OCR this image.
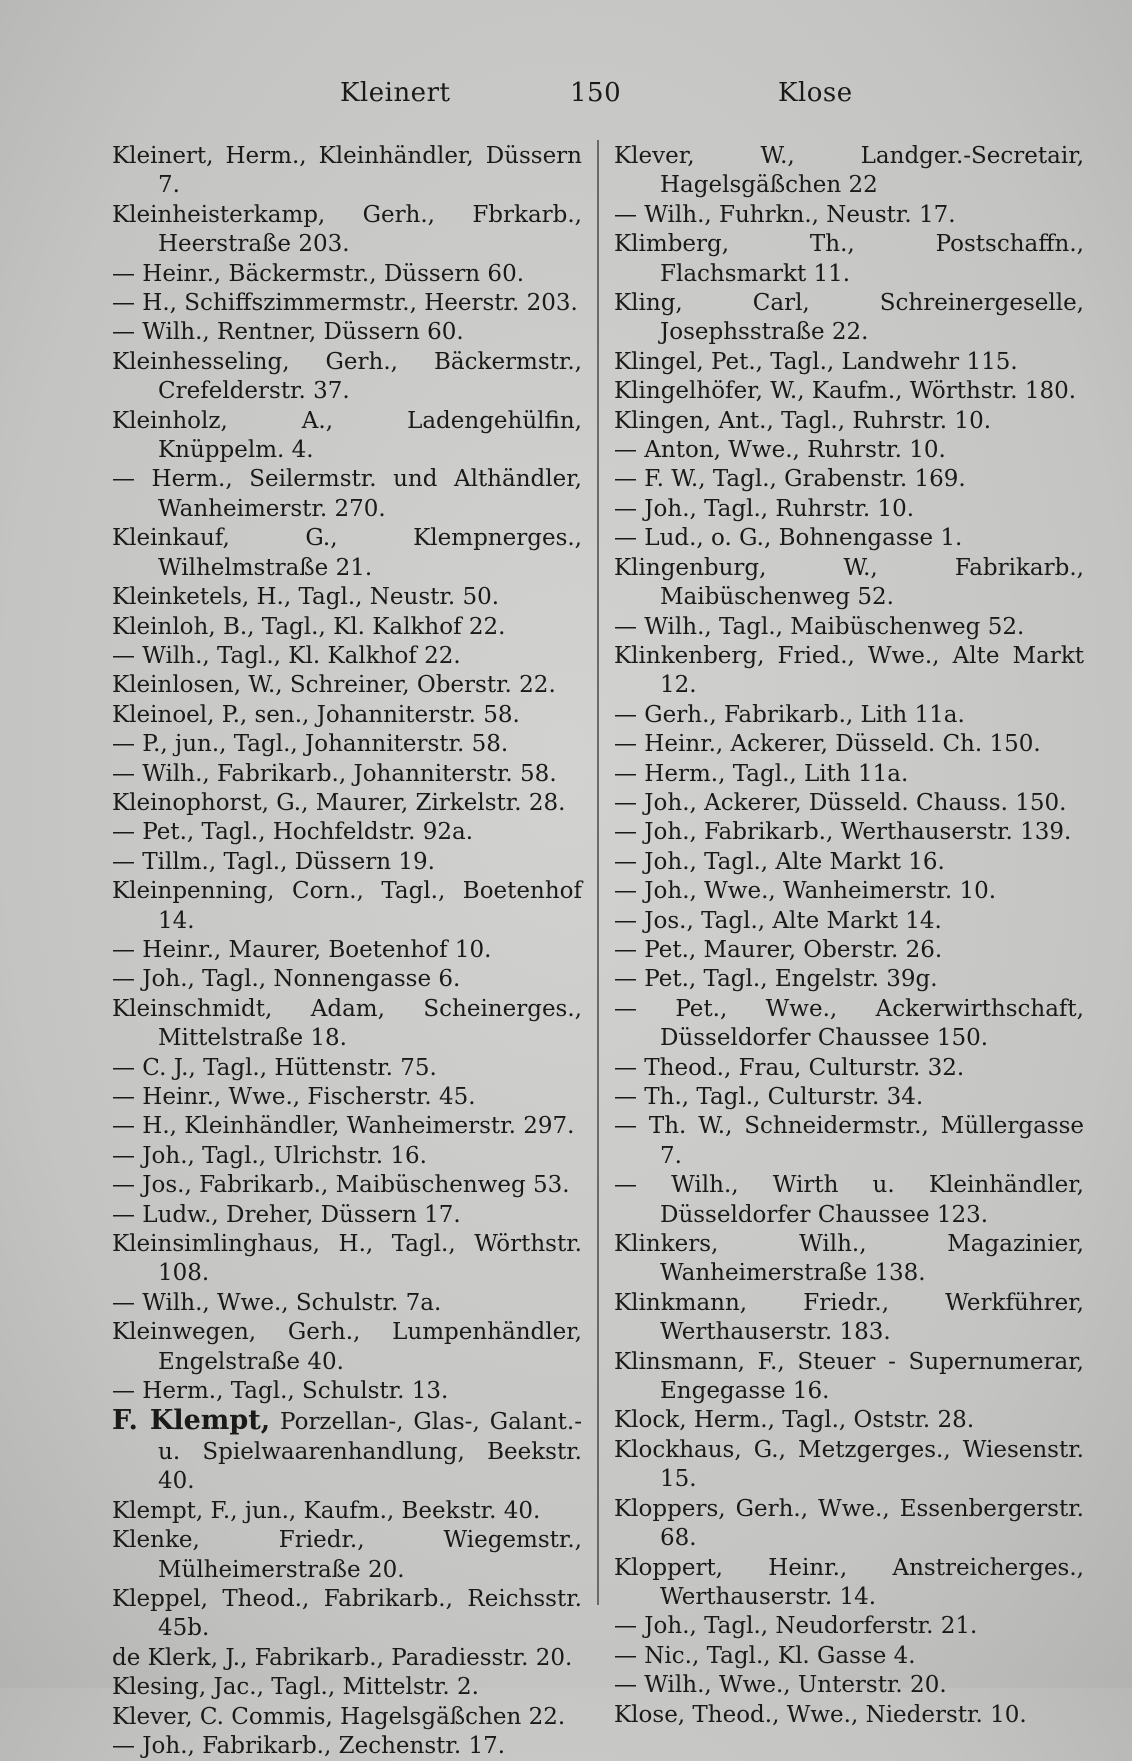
Kleinert	150	Klose
Kleinert, Herm., Kleinhändler, Düssern 7.
Kleinheisterkamp, Gerh., Fbrkarb., Heerstraße 203.
— Heinr., Bäckermstr., Düssern 60.
— H., Schiffszimmermstr., Heerstr. 203.
— Wilh., Rentner, Düssern 60.
Kleinhesseling, Gerh., Bäckermstr., Crefelderstr. 37.
Kleinholz, A., Ladengehülfin, Knüppelm. 4.
— Herm., Seilermstr. und Althändler, Wanheimerstr. 270.
Kleinkauf, G., Klempnerges., Wilhelmstraße 21.
Kleinketels, H., Tagl., Neustr. 50.
Kleinloh, B., Tagl., Kl. Kalkhof 22.
— Wilh., Tagl., Kl. Kalkhof 22.
Kleinlosen, W., Schreiner, Oberstr. 22.
Kleinoel, P., sen., Johanniterstr. 58.
— P., jun., Tagl., Johanniterstr. 58.
— Wilh., Fabrikarb., Johanniterstr. 58.
Kleinophorst, G., Maurer, Zirkelstr. 28.
— Pet., Tagl., Hochfeldstr. 92a.
— Tillm., Tagl., Düssern 19.
Kleinpenning, Corn., Tagl., Boetenhof 14.
— Heinr., Maurer, Boetenhof 10.
— Joh., Tagl., Nonnengasse 6.
Kleinschmidt, Adam, Scheinerges., Mittelstraße 18.
— C. J., Tagl., Hüttenstr. 75.
— Heinr., Wwe., Fischerstr. 45.
— H., Kleinhändler, Wanheimerstr. 297.
— Joh., Tagl., Ulrichstr. 16.
— Jos., Fabrikarb., Maibüschenweg 53.
— Ludw., Dreher, Düssern 17.
Kleinsimlinghaus, H., Tagl., Wörthstr. 108.
— Wilh., Wwe., Schulstr. 7a.
Kleinwegen, Gerh., Lumpenhändler, Engelstraße 40.
— Herm., Tagl., Schulstr. 13.
F. Klempt, Porzellan-, Glas-, Galant.- u. Spielwaarenhandlung, Beekstr. 40.
Klempt, F., jun., Kaufm., Beekstr. 40.
Klenke, Friedr., Wiegemstr., Mülheimerstraße 20.
Kleppel, Theod., Fabrikarb., Reichsstr. 45b.
de Klerk, J., Fabrikarb., Paradiesstr. 20.
Klesing, Jac., Tagl., Mittelstr. 2.
Klever, C. Commis, Hagelsgäßchen 22.
— Joh., Fabrikarb., Zechenstr. 17.
Klever, W., Landger.-Secretair, Hagelsgäßchen 22
— Wilh., Fuhrkn., Neustr. 17.
Klimberg, Th., Postschaffn., Flachsmarkt 11.
Kling, Carl, Schreinergeselle, Josephsstraße 22.
Klingel, Pet., Tagl., Landwehr 115.
Klingelhöfer, W., Kaufm., Wörthstr. 180.
Klingen, Ant., Tagl., Ruhrstr. 10.
— Anton, Wwe., Ruhrstr. 10.
— F. W., Tagl., Grabenstr. 169.
— Joh., Tagl., Ruhrstr. 10.
— Lud., o. G., Bohnengasse 1.
Klingenburg, W., Fabrikarb., Maibüschenweg 52.
— Wilh., Tagl., Maibüschenweg 52.
Klinkenberg, Fried., Wwe., Alte Markt 12.
— Gerh., Fabrikarb., Lith 11a.
— Heinr., Ackerer, Düsseld. Ch. 150.
— Herm., Tagl., Lith 11a.
— Joh., Ackerer, Düsseld. Chauss. 150.
— Joh., Fabrikarb., Werthauserstr. 139.
— Joh., Tagl., Alte Markt 16.
— Joh., Wwe., Wanheimerstr. 10.
— Jos., Tagl., Alte Markt 14.
— Pet., Maurer, Oberstr. 26.
— Pet., Tagl., Engelstr. 39g.
— Pet., Wwe., Ackerwirthschaft, Düsseldorfer Chaussee 150.
— Theod., Frau, Culturstr. 32.
— Th., Tagl., Culturstr. 34.
— Th. W., Schneidermstr., Müllergasse 7.
— Wilh., Wirth u. Kleinhändler, Düsseldorfer Chaussee 123.
Klinkers, Wilh., Magazinier, Wanheimerstraße 138.
Klinkmann, Friedr., Werkführer, Werthauserstr. 183.
Klinsmann, F., Steuer - Supernumerar, Engegasse 16.
Klock, Herm., Tagl., Oststr. 28.
Klockhaus, G., Metzgerges., Wiesenstr. 15.
Kloppers, Gerh., Wwe., Essenbergerstr. 68.
Kloppert, Heinr., Anstreicherges., Werthauserstr. 14.
— Joh., Tagl., Neudorferstr. 21.
— Nic., Tagl., Kl. Gasse 4.
— Wilh., Wwe., Unterstr. 20.
Klose, Theod., Wwe., Niederstr. 10.
